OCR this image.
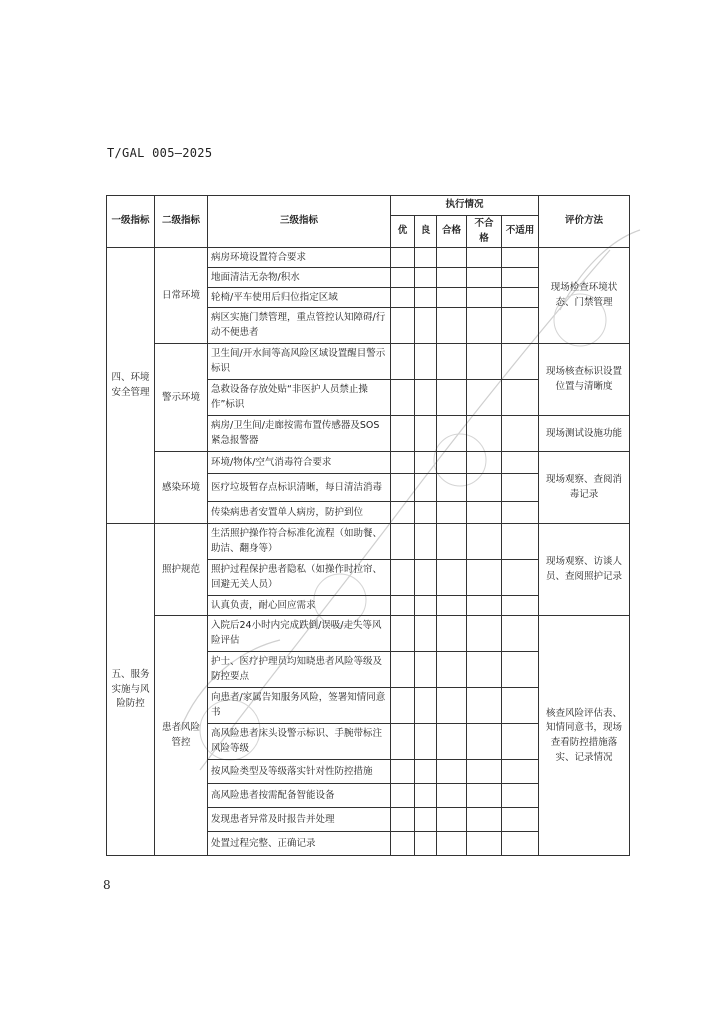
T/GAL 005—2025
一级指标	二级指标	三级指标	执行情况					评价方法
			优	良	合格	不合格	不适用	
四、环境安全管理	日常环境	病房环境设置符合要求						现场检查环境状态、门禁管理
		地面清洁无杂物/积水						
		轮椅/平车使用后归位指定区域						
		病区实施门禁管理，重点管控认知障碍/行动不便患者						
	警示环境	卫生间/开水间等高风险区域设置醒目警示标识						现场核查标识设置位置与清晰度
		急救设备存放处贴“非医护人员禁止操作”标识						
		病房/卫生间/走廊按需布置传感器及SOS紧急报警器						现场测试设施功能
	感染环境	环境/物体/空气消毒符合要求						现场观察、查阅消毒记录
		医疗垃圾暂存点标识清晰，每日清洁消毒						
		传染病患者安置单人病房，防护到位						
五、服务实施与风险防控	照护规范	生活照护操作符合标准化流程（如助餐、助洁、翻身等）						现场观察、访谈人员、查阅照护记录
		照护过程保护患者隐私（如操作时拉帘、回避无关人员）						
		认真负责，耐心回应需求						
	患者风险管控	入院后24小时内完成跌倒/误吸/走失等风险评估						核查风险评估表、知情同意书，现场查看防控措施落实、记录情况
		护士、医疗护理员均知晓患者风险等级及防控要点						
		向患者/家属告知服务风险，签署知情同意书						
		高风险患者床头设警示标识、手腕带标注风险等级						
		按风险类型及等级落实针对性防控措施						
		高风险患者按需配备智能设备						
		发现患者异常及时报告并处理						
		处置过程完整、正确记录						
8
